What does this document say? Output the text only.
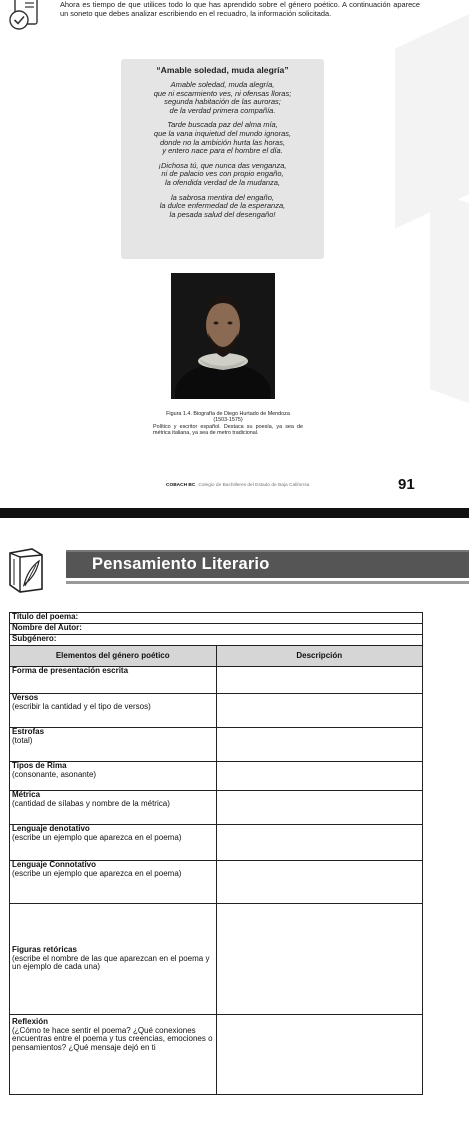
Ahora es tiempo de que utilices todo lo que has aprendido sobre el género poético. A continuación aparece un soneto que debes analizar escribiendo en el recuadro, la información solicitada.
“Amable soledad, muda alegría”
Amable soledad, muda alegría,
que ni escarmiento ves, ni ofensas lloras;
segunda habitación de las auroras;
de la verdad primera compañía.
Tarde buscada paz del alma mía,
que la vana inquietud del mundo ignoras,
donde no la ambición hurta las horas,
y entero nace para el hombre el día.
¡Dichosa tú, que nunca das venganza,
ni de palacio ves con propio engaño,
la ofendida verdad de la mudanza,
la sabrosa mentira del engaño,
la dulce enfermedad de la esperanza,
la pesada salud del desengaño!
Figura 1.4. Biografía de Diego Hurtado de Mendoza
(1503-1575)
Político y escritor español. Destaca su poesía, ya sea de métrica italiana, ya sea de metro tradicional.
COBACH BC Colegio de Bachilleres del Estado de Baja California	91
Pensamiento Literario
Título del poema:	
Nombre del Autor:	
Subgénero:	
Elementos del género poético	Descripción

Forma de presentación escrita	

Versos
(escribir la cantidad y el tipo de versos)	

Estrofas
(total)	

Tipos de Rima
(consonante, asonante)	

Métrica
(cantidad de sílabas y nombre de la métrica)	

Lenguaje denotativo
(escribe un ejemplo que aparezca en el poema)	

Lenguaje Connotativo
(escribe un ejemplo que aparezca en el poema)	

Figuras retóricas
(escribe el nombre de las que aparezcan en el poema y un ejemplo de cada una)	

Reflexión
(¿Cómo te hace sentir el poema? ¿Qué conexiones encuentras entre el poema y tus creencias, emociones o pensamientos? ¿Qué mensaje dejó en ti	
